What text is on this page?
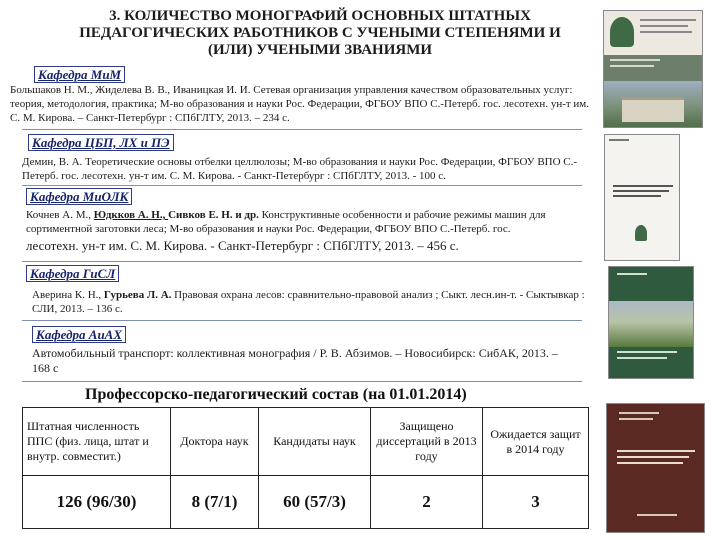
3. КОЛИЧЕСТВО МОНОГРАФИЙ ОСНОВНЫХ ШТАТНЫХ ПЕДАГОГИЧЕСКИХ РАБОТНИКОВ С УЧЕНЫМИ СТЕПЕНЯМИ И (ИЛИ) УЧЕНЫМИ ЗВАНИЯМИ
Кафедра МиМ
Большаков Н. М., Жиделева В. В., Иваницкая И. И. Сетевая организация управления качеством образовательных услуг: теория, методология, практика; М-во образования и науки Рос. Федерации, ФГБОУ ВПО С.-Петерб. гос. лесотехн. ун-т им. С. М. Кирова. – Санкт-Петербург : СПбГЛТУ, 2013. – 234 с.
Кафедра ЦБП, ЛХ и ПЭ
Демин, В. А. Теоретические основы отбелки целлюлозы; М-во образования и науки Рос. Федерации, ФГБОУ ВПО С.-Петерб. гос. лесотехн. ун-т им. С. М. Кирова. - Санкт-Петербург : СПбГЛТУ, 2013. - 100 с.
Кафедра МиОЛК
Кочнев А. М., Юдкков А. Н., Сивков Е. Н. и др. Конструктивные особенности и рабочие режимы машин для сортиментной заготовки леса; М-во образования и науки Рос. Федерации, ФГБОУ ВПО С.-Петерб. гос.
лесотехн. ун-т им. С. М. Кирова. - Санкт-Петербург : СПбГЛТУ, 2013. – 456 с.
Кафедра ГиСЛ
Аверина К. Н., Гурьева Л. А. Правовая охрана лесов: сравнительно-правовой анализ ; Сыкт. лесн.ин-т. - Сыктывкар : СЛИ, 2013. – 136 с.
Кафедра АиАХ
Автомобильный транспорт: коллективная монография / Р. В. Абзимов. – Новосибирск: СибАК, 2013. – 168 с
Профессорско-педагогический состав (на 01.01.2014)
Штатная численность ППС (физ. лица, штат и внутр. совместит.)	Доктора наук	Кандидаты наук	Защищено диссертаций в 2013 году	Ожидается защит в 2014 году
126 (96/30)	8 (7/1)	60 (57/3)	2	3
